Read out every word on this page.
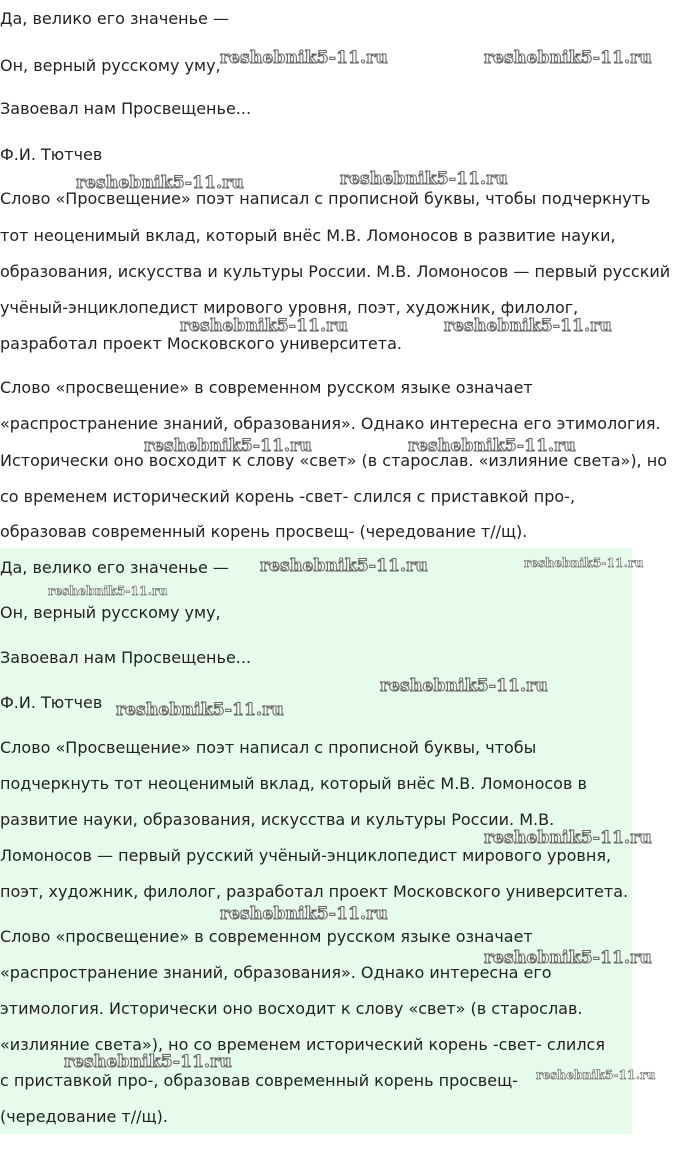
Да, велико его значенье —
Он, верный русскому уму,
Завоевал нам Просвещенье...
Ф.И. Тютчев
Слово «Просвещение» поэт написал с прописной буквы, чтобы подчеркнуть
тот неоценимый вклад, который внёс М.В. Ломоносов в развитие науки,
образования, искусства и культуры России. М.В. Ломоносов — первый русский
учёный-энциклопедист мирового уровня, поэт, художник, филолог,
разработал проект Московского университета.
Слово «просвещение» в современном русском языке означает
«распространение знаний, образования». Однако интересна его этимология.
Исторически оно восходит к слову «свет» (в старослав. «излияние света»), но
со временем исторический корень -свет- слился с приставкой про-,
образовав современный корень просвещ- (чередование т//щ).
Да, велико его значенье —
Он, верный русскому уму,
Завоевал нам Просвещенье...
Ф.И. Тютчев
Слово «Просвещение» поэт написал с прописной буквы, чтобы
подчеркнуть тот неоценимый вклад, который внёс М.В. Ломоносов в
развитие науки, образования, искусства и культуры России. М.В.
Ломоносов — первый русский учёный-энциклопедист мирового уровня,
поэт, художник, филолог, разработал проект Московского университета.
Слово «просвещение» в современном русском языке означает
«распространение знаний, образования». Однако интересна его
этимология. Исторически оно восходит к слову «свет» (в старослав.
«излияние света»), но со временем исторический корень -свет- слился
с приставкой про-, образовав современный корень просвещ-
(чередование т//щ).
reshebnik5-11.ru	reshebnik5-11.ru
reshebnik5-11.ru	reshebnik5-11.ru
reshebnik5-11.ru	reshebnik5-11.ru
reshebnik5-11.ru	reshebnik5-11.ru
reshebnik5-11.ru	reshebnik5-11.ru
reshebnik5-11.ru
reshebnik5-11.ru
reshebnik5-11.ru
reshebnik5-11.ru
reshebnik5-11.ru
reshebnik5-11.ru
reshebnik5-11.ru
reshebnik5-11.ru
